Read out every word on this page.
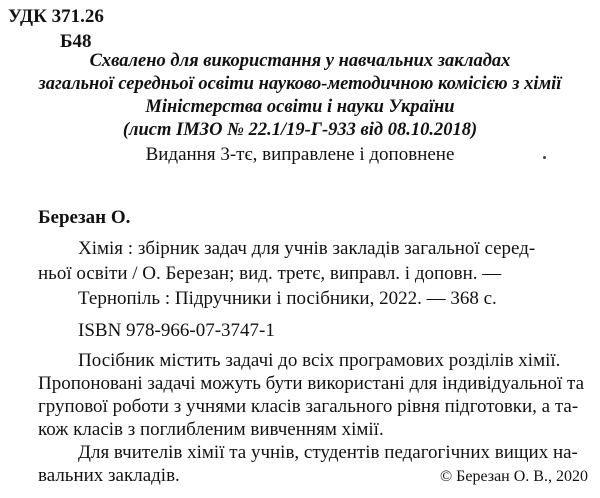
УДК 371.26
Б48
Схвалено для використання у навчальних закладах
загальної середньої освіти науково-методичною комісією з хімії
Міністерства освіти і науки України
(лист ІМЗО № 22.1/19-Г-933 від 08.10.2018)
Видання 3-тє, виправлене і доповнене
Березан О.
Хімія : збірник задач для учнів закладів загальної серед-
ньої освіти / О. Березан; вид. третє, виправл. і доповн. —
Тернопіль : Підручники і посібники, 2022. — 368 с.
ISBN 978-966-07-3747-1
Посібник містить задачі до всіх програмових розділів хімії.
Пропоновані задачі можуть бути використані для індивідуальної та
групової роботи з учнями класів загального рівня підготовки, а та-
кож класів з поглибленим вивченням хімії.
Для вчителів хімії та учнів, студентів педагогічних вищих на-
вальних закладів.	© Березан О. В., 2020
